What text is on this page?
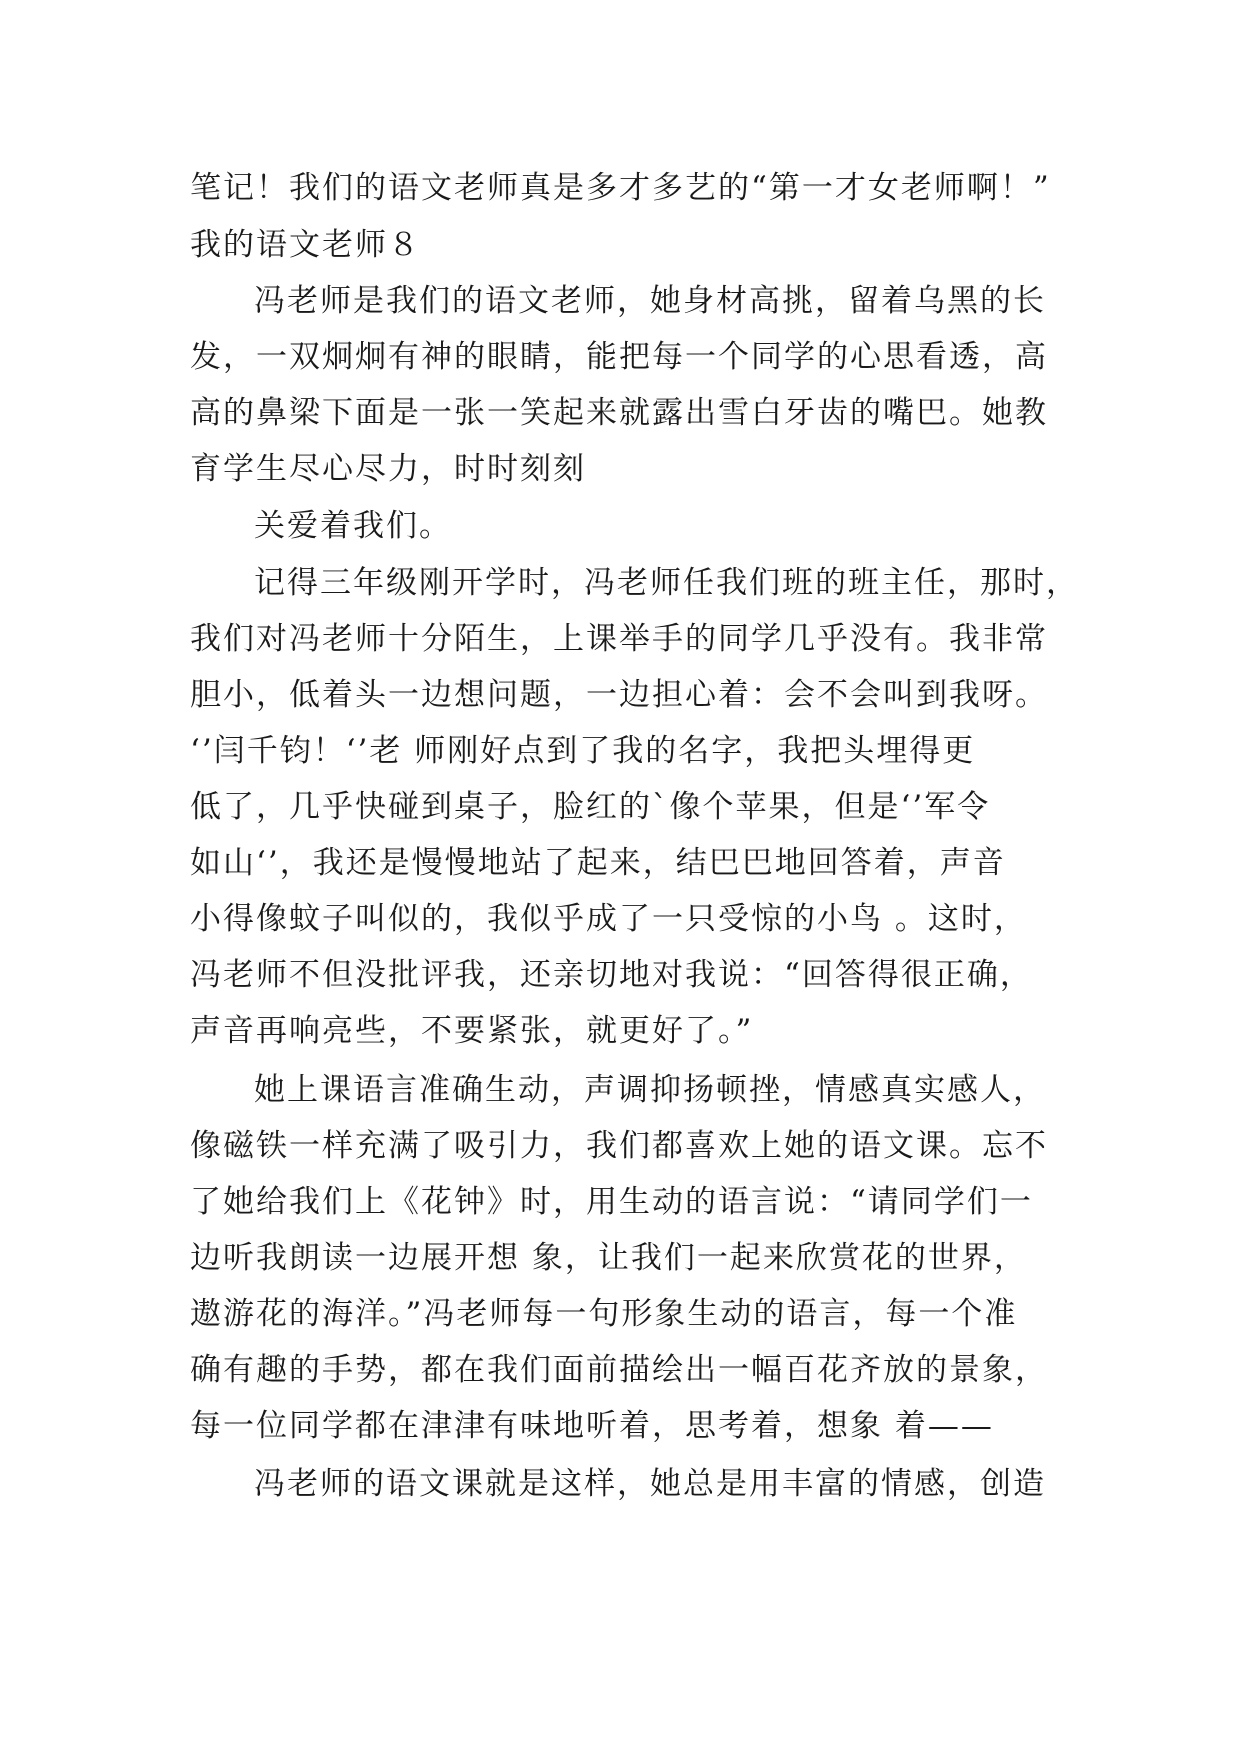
笔记！我们的语文老师真是多才多艺的“第一才女老师啊！”
我的语文老师８
冯老师是我们的语文老师，她身材高挑，留着乌黑的长
发，一双炯炯有神的眼睛，能把每一个同学的心思看透，高
高的鼻梁下面是一张一笑起来就露出雪白牙齿的嘴巴。她教
育学生尽心尽力，时时刻刻
关爱着我们。
记得三年级刚开学时，冯老师任我们班的班主任，那时，
我们对冯老师十分陌生，上课举手的同学几乎没有。我非常
胆小，低着头一边想问题，一边担心着：会不会叫到我呀。
‘’闫千钧！‘’老 师刚好点到了我的名字，我把头埋得更
低了，几乎快碰到桌子，脸红的`像个苹果，但是‘’军令
如山‘’，我还是慢慢地站了起来，结巴巴地回答着，声音
小得像蚊子叫似的，我似乎成了一只受惊的小鸟 。这时，
冯老师不但没批评我，还亲切地对我说：“回答得很正确，
声音再响亮些，不要紧张，就更好了。”
她上课语言准确生动，声调抑扬顿挫，情感真实感人，
像磁铁一样充满了吸引力，我们都喜欢上她的语文课。忘不
了她给我们上《花钟》时，用生动的语言说：“请同学们一
边听我朗读一边展开想 象，让我们一起来欣赏花的世界，
遨游花的海洋。”冯老师每一句形象生动的语言，每一个准
确有趣的手势，都在我们面前描绘出一幅百花齐放的景象，
每一位同学都在津津有味地听着，思考着，想象 着——
冯老师的语文课就是这样，她总是用丰富的情感，创造
